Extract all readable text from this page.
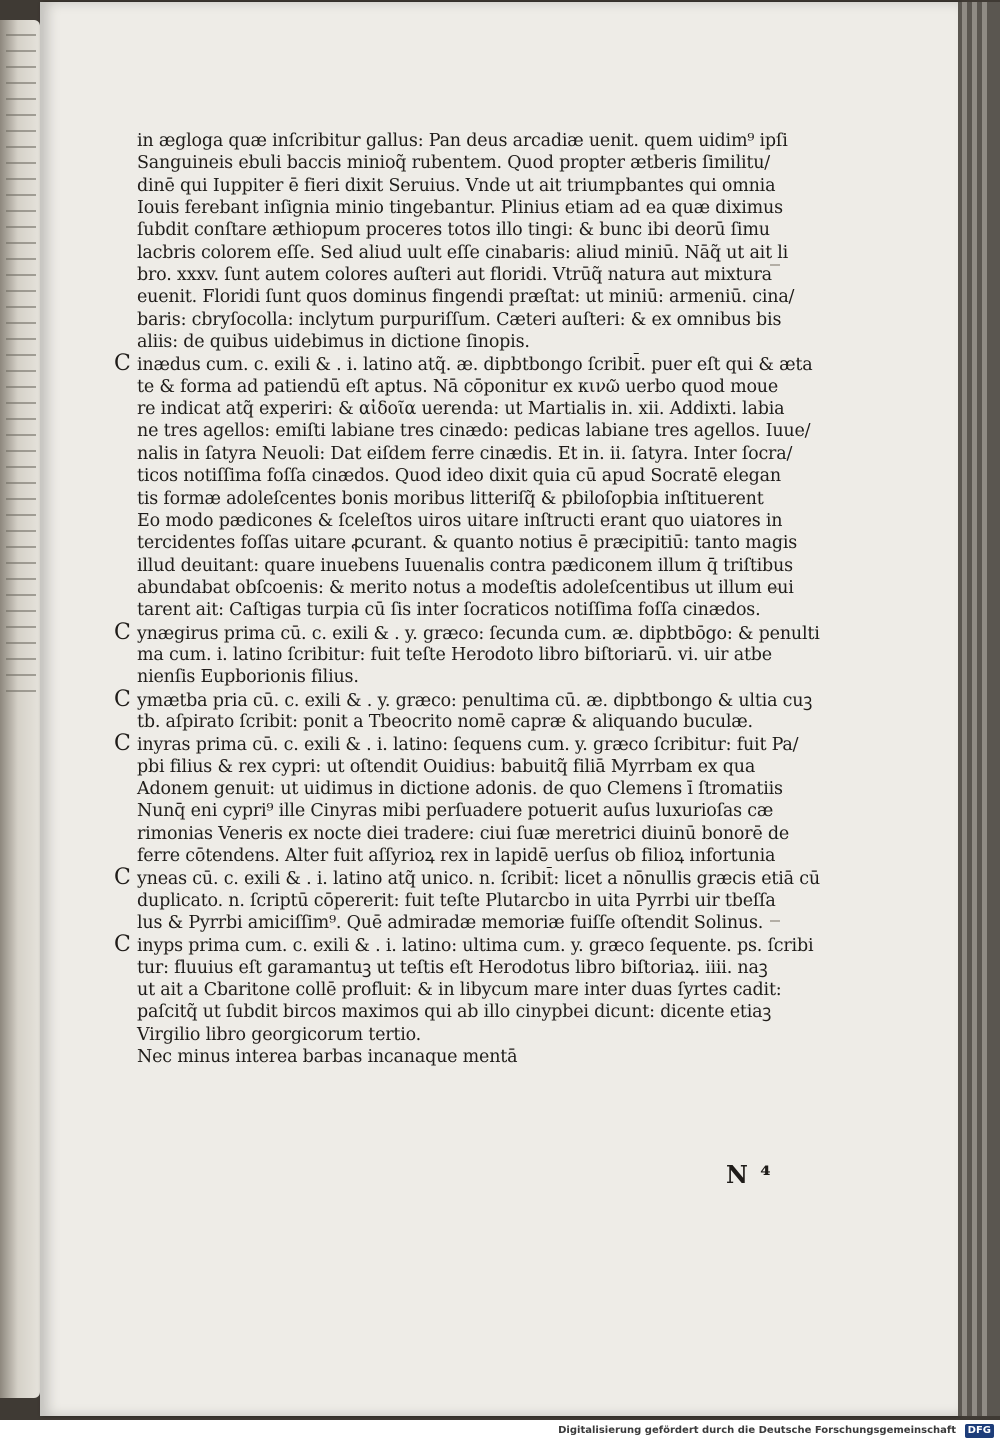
in ægloga quæ inſcribitur gallus: Pan deus arcadiæ uenit. quem uidim⁹ ipſi
Sanguineis ebuli baccis minioq̃ rubentem. Quod propter ætberis ſimilitu/
dinē qui Iuppiter ē fieri dixit Seruius. Vnde ut ait triumpbantes qui omnia
Iouis ferebant inſignia minio tingebantur. Plinius etiam ad ea quæ diximus
ſubdit conſtare æthiopum proceres totos illo tingi: & bunc ibi deorū ſimu
lacbris colorem eſſe. Sed aliud uult eſſe cinabaris: aliud miniū. Nāq̃ ut ait li
bro. xxxv. ſunt autem colores auſteri aut floridi. Vtrūq̃ natura aut mixtura
euenit. Floridi ſunt quos dominus fingendi præſtat: ut miniū: armeniū. cina/
baris: cbryſocolla: inclytum purpuriſſum. Cæteri auſteri: & ex omnibus bis
aliis: de quibus uidebimus in dictione ſinopis.
C inædus cum. c. exili & . i. latino atq̃. æ. dipbtbongo ſcribit̄. puer eſt qui & æta
te & forma ad patiendū eſt aptus. Nā cōponitur ex κινῶ uerbo quod moue
re indicat atq̃ experiri: & αἰδοῖα uerenda: ut Martialis in. xii. Addixti. labia
ne tres agellos: emiſti labiane tres cinædo: pedicas labiane tres agellos. Iuue/
nalis in ſatyra Neuoli: Dat eiſdem ferre cinædis. Et in. ii. ſatyra. Inter ſocra/
ticos notiſſima foſſa cinædos. Quod ideo dixit quia cū apud Socratē elegan
tis formæ adoleſcentes bonis moribus litteriſq̃ & pbiloſopbia inſtituerent
Eo modo pædicones & ſceleſtos uiros uitare inſtructi erant quo uiatores in
tercidentes foſſas uitare ꝓcurant. & quanto notius ē præcipitiū: tanto magis
illud deuitant: quare inuebens Iuuenalis contra pædiconem illum q̄ triſtibus
abundabat obſcoenis: & merito notus a modeſtis adoleſcentibus ut illum eui
tarent ait: Caſtigas turpia cū ſis inter ſocraticos notiſſima foſſa cinædos.
C ynægirus prima cū. c. exili & . y. græco: ſecunda cum. æ. dipbtbōgo: & penulti
ma cum. i. latino ſcribitur: fuit teſte Herodoto libro biſtoriarū. vi. uir atbe
nienſis Eupborionis filius.
C ymætba pria cū. c. exili & . y. græco: penultima cū. æ. dipbtbongo & ultia cuꝫ
tb. aſpirato ſcribit̄: ponit̄ a Tbeocrito nomē capræ & aliquando buculæ.
C inyras prima cū. c. exili & . i. latino: ſequens cum. y. græco ſcribitur: fuit Pa/
pbi filius & rex cypri: ut oſtendit Ouidius: babuitq̃ filiā Myrrbam ex qua
Adonem genuit: ut uidimus in dictione adonis. de quo Clemens ī ſtromatiis
Nunq̄ eni cypri⁹ ille Cinyras mibi perſuadere potuerit auſus luxurioſas cæ
rimonias Veneris ex nocte diei tradere: ciui ſuæ meretrici diuinū bonorē de
ferre cōtendens. Alter fuit aſſyrioꝝ rex in lapidē uerſus ob filioꝝ infortunia
C yneas cū. c. exili & . i. latino atq̃ unico. n. ſcribit̄: licet a nōnullis græcis etiā cū
duplicato. n. ſcriptū cōpererit: fuit teſte Plutarcbo in uita Pyrrbi uir tbeſſa
lus & Pyrrbi amiciſſim⁹. Quē admiradæ memoriæ fuiſſe oſtendit Solinus.
C inyps prima cum. c. exili & . i. latino: ultima cum. y. græco ſequente. ps. ſcribi
tur: fluuius eſt garamantuꝫ ut teſtis eſt Herodotus libro biſtoriaꝝ. iiii. naꝫ
ut ait a Cbaritone collē profluit: & in libycum mare inter duas ſyrtes cadit:
paſcitq̃ ut ſubdit bircos maximos qui ab illo cinypbei dicunt̄: dicente etiaꝫ
Virgilio libro georgicorum tertio.
Nec minus interea barbas incanaque mentā
N ⁴
Digitalisierung gefördert durch die Deutsche Forschungsgemeinschaft	DFG
